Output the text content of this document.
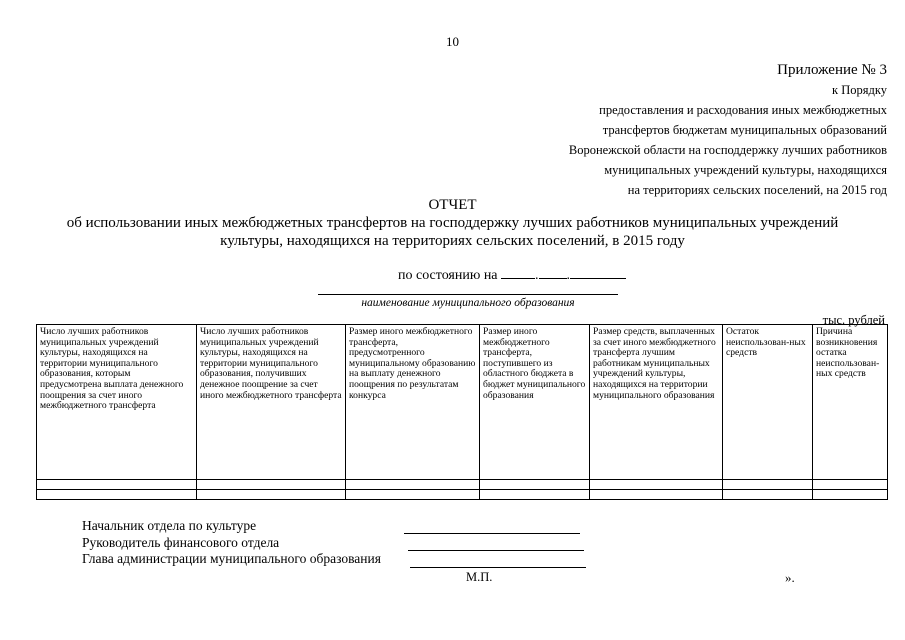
10
Приложение № 3
к Порядку
предоставления и расходования иных межбюджетных
трансфертов бюджетам муниципальных образований
Воронежской области на господдержку лучших работников
муниципальных учреждений культуры, находящихся
на территориях сельских поселений, на 2015 год
ОТЧЕТ
об использовании иных межбюджетных трансфертов на господдержку лучших работников муниципальных учреждений
культуры, находящихся на территориях сельских поселений, в 2015 году
по состоянию на	. .
наименование муниципального образования
тыс. рублей
Число лучших работников муниципальных учреждений культуры, находящихся на территории муниципального образования, которым предусмотрена выплата денежного поощрения за счет иного межбюджетного трансферта	Число лучших работников муниципальных учреждений культуры, находящихся на территории муниципального образования, получивших денежное поощрение за счет иного межбюджетного трансферта	Размер иного межбюджетного трансферта, предусмотренного муниципальному образованию на выплату денежного поощрения по результатам конкурса	Размер иного межбюджетного трансферта, поступившего из областного бюджета в бюджет муниципального образования	Размер средств, выплаченных за счет иного межбюджетного трансферта лучшим работникам муниципальных учреждений культуры, находящихся на территории муниципального образования	Остаток неиспользован-ных средств	Причина возникновения остатка неиспользован-ных средств

Начальник отдела по культуре
Руководитель финансового отдела
Глава администрации муниципального образования
М.П.	».
